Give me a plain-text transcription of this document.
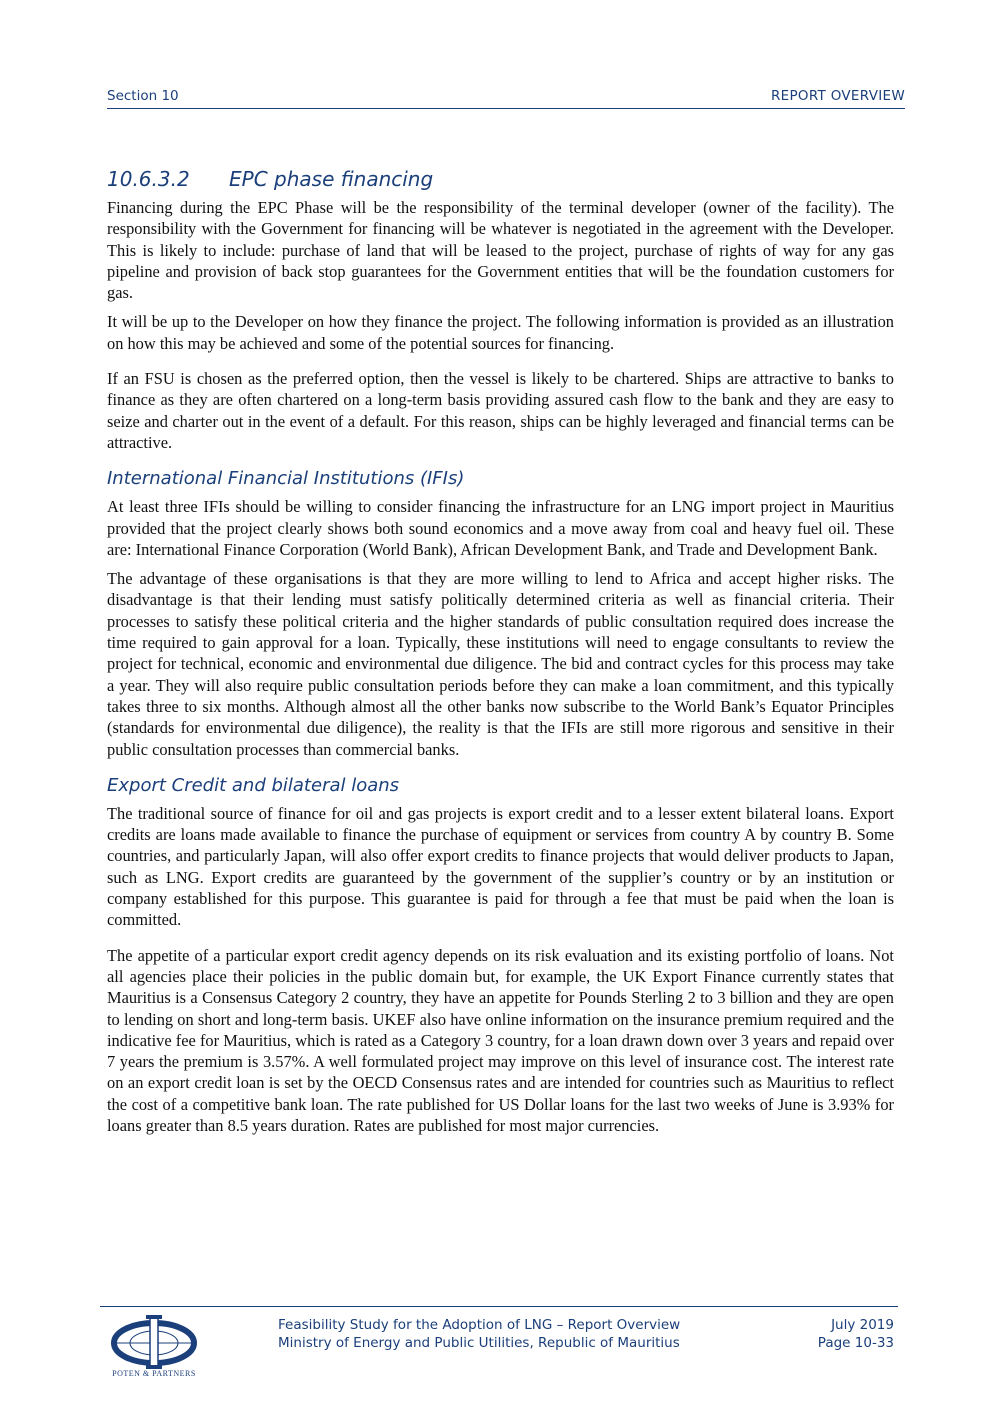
Section 10	REPORT OVERVIEW
10.6.3.2	EPC phase financing

Financing during the EPC Phase will be the responsibility of the terminal developer (owner of the facility). The responsibility with the Government for financing will be whatever is negotiated in the agreement with the Developer. This is likely to include: purchase of land that will be leased to the project, purchase of rights of way for any gas pipeline and provision of back stop guarantees for the Government entities that will be the foundation customers for gas.

It will be up to the Developer on how they finance the project. The following information is provided as an illustration on how this may be achieved and some of the potential sources for financing.

If an FSU is chosen as the preferred option, then the vessel is likely to be chartered. Ships are attractive to banks to finance as they are often chartered on a long-term basis providing assured cash flow to the bank and they are easy to seize and charter out in the event of a default. For this reason, ships can be highly leveraged and financial terms can be attractive.

International Financial Institutions (IFIs)

At least three IFIs should be willing to consider financing the infrastructure for an LNG import project in Mauritius provided that the project clearly shows both sound economics and a move away from coal and heavy fuel oil. These are: International Finance Corporation (World Bank), African Development Bank, and Trade and Development Bank.

The advantage of these organisations is that they are more willing to lend to Africa and accept higher risks. The disadvantage is that their lending must satisfy politically determined criteria as well as financial criteria. Their processes to satisfy these political criteria and the higher standards of public consultation required does increase the time required to gain approval for a loan. Typically, these institutions will need to engage consultants to review the project for technical, economic and environmental due diligence. The bid and contract cycles for this process may take a year. They will also require public consultation periods before they can make a loan commitment, and this typically takes three to six months. Although almost all the other banks now subscribe to the World Bank’s Equator Principles (standards for environmental due diligence), the reality is that the IFIs are still more rigorous and sensitive in their public consultation processes than commercial banks.

Export Credit and bilateral loans

The traditional source of finance for oil and gas projects is export credit and to a lesser extent bilateral loans. Export credits are loans made available to finance the purchase of equipment or services from country A by country B. Some countries, and particularly Japan, will also offer export credits to finance projects that would deliver products to Japan, such as LNG. Export credits are guaranteed by the government of the supplier’s country or by an institution or company established for this purpose. This guarantee is paid for through a fee that must be paid when the loan is committed.

The appetite of a particular export credit agency depends on its risk evaluation and its existing portfolio of loans. Not all agencies place their policies in the public domain but, for example, the UK Export Finance currently states that Mauritius is a Consensus Category 2 country, they have an appetite for Pounds Sterling 2 to 3 billion and they are open to lending on short and long-term basis. UKEF also have online information on the insurance premium required and the indicative fee for Mauritius, which is rated as a Category 3 country, for a loan drawn down over 3 years and repaid over 7 years the premium is 3.57%. A well formulated project may improve on this level of insurance cost. The interest rate on an export credit loan is set by the OECD Consensus rates and are intended for countries such as Mauritius to reflect the cost of a competitive bank loan. The rate published for US Dollar loans for the last two weeks of June is 3.93% for loans greater than 8.5 years duration. Rates are published for most major currencies.

POTEN & PARTNERS
Feasibility Study for the Adoption of LNG – Report Overview
Ministry of Energy and Public Utilities, Republic of Mauritius
July 2019
Page 10-33
